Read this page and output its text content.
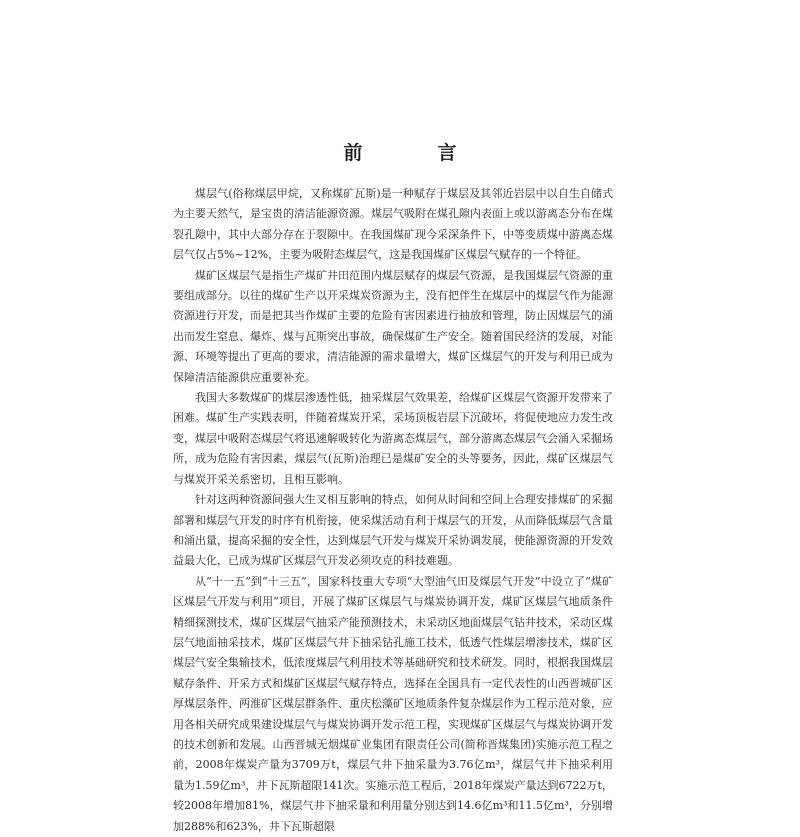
前　言

煤层气(俗称煤层甲烷，又称煤矿瓦斯)是一种赋存于煤层及其邻近岩层中以自生自储式为主要天然气，是宝贵的清洁能源资源。煤层气吸附在煤孔隙内表面上或以游离态分布在煤裂孔隙中，其中大部分存在于裂隙中。在我国煤矿现今采深条件下，中等变质煤中游离态煤层气仅占5%~12%，主要为吸附态煤层气，这是我国煤矿区煤层气赋存的一个特征。

煤矿区煤层气是指生产煤矿井田范围内煤层赋存的煤层气资源，是我国煤层气资源的重要组成部分。以往的煤矿生产以开采煤炭资源为主，没有把伴生在煤层中的煤层气作为能源资源进行开发，而是把其当作煤矿主要的危险有害因素进行抽放和管理，防止因煤层气的涌出而发生窒息、爆炸、煤与瓦斯突出事故，确保煤矿生产安全。随着国民经济的发展，对能源、环境等提出了更高的要求，清洁能源的需求量增大，煤矿区煤层气的开发与利用已成为保障清洁能源供应重要补充。

我国大多数煤矿的煤层渗透性低，抽采煤层气效果差，给煤矿区煤层气资源开发带来了困难。煤矿生产实践表明，伴随着煤炭开采，采场顶板岩层下沉破坏，将促使地应力发生改变，煤层中吸附态煤层气将迅速解吸转化为游离态煤层气，部分游离态煤层气会涌入采掘场所，成为危险有害因素，煤层气(瓦斯)治理已是煤矿安全的头等要务，因此，煤矿区煤层气与煤炭开采关系密切，且相互影响。

针对这两种资源间强大生叉相互影响的特点，如何从时间和空间上合理安排煤矿的采掘部署和煤层气开发的时序有机衔接，使采煤活动有利于煤层气的开发，从而降低煤层气含量和涌出量，提高采掘的安全性，达到煤层气开发与煤炭开采协调发展，使能源资源的开发效益最大化，已成为煤矿区煤层气开发必须攻克的科技难题。

从“十一五”到“十三五”，国家科技重大专项“大型油气田及煤层气开发”中设立了“煤矿区煤层气开发与利用”项目，开展了煤矿区煤层气与煤炭协调开发，煤矿区煤层气地质条件精细探测技术，煤矿区煤层气抽采产能预测技术，未采动区地面煤层气钻井技术，采动区煤层气地面抽采技术，煤矿区煤层气井下抽采钻孔施工技术，低透气性煤层增渗技术，煤矿区煤层气安全集输技术，低浓度煤层气利用技术等基础研究和技术研发。同时，根据我国煤层赋存条件、开采方式和煤矿区煤层气赋存特点，选择在全国具有一定代表性的山西晋城矿区厚煤层条件、两淮矿区煤层群条件、重庆松藻矿区地质条件复杂煤层作为工程示范对象，应用各相关研究成果建设煤层气与煤炭协调开发示范工程，实现煤矿区煤层气与煤炭协调开发的技术创新和发展。山西晋城无烟煤矿业集团有限责任公司(简称晋煤集团)实施示范工程之前，2008年煤炭产量为3709万t，煤层气井下抽采量为3.76亿m³，煤层气井下抽采利用量为1.59亿m³，井下瓦斯超限141次。实施示范工程后，2018年煤炭产量达到6722万t，较2008年增加81%，煤层气井下抽采量和利用量分别达到14.6亿m³和11.5亿m³，分别增加288%和623%，井下瓦斯超限
